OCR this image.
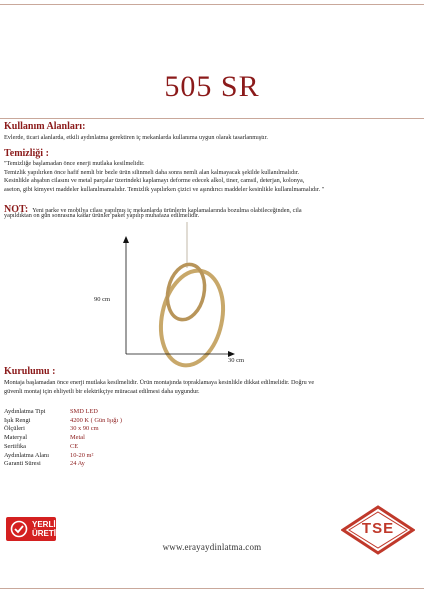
505 SR
Kullanım Alanları:
Evlerde, ticari alanlarda, etkili aydınlatma gerektiren iç mekanlarda kullanıma uygun olarak tasarlanmıştır.
Temizliği :
"Temizliğe başlamadan önce enerji mutlaka kesilmelidir.
Temizlik yapılırken önce hafif nemli bir bezle ürün silinmeli daha sonra nemli alan kalmayacak şekilde kullanılmalıdır.
Kesinlikle ahşabın cilasını ve metal parçalar üzerindeki kaplamayı deforme edecek alkol, tiner, camsil, deterjan, kolonya,
aseton, gibi kimyevi maddeler kullanılmamalıdır. Temizlik yapılırken çizici ve aşındırıcı maddeler kesinlikle kullanılmamalıdır. "
NOT: Yeni parke ve mobilya cilası yapılmış iç mekanlarda ürünlerin kaplamalarında bozulma olabileceğinden, cila
yapıldıktan on gün sonrasına kadar ürünler paket yapılıp muhafaza edilmelidir.
90 cm
30 cm
Kurulumu :
Montaja başlamadan önce enerji mutlaka kesilmelidir. Ürün montajında topraklamaya kesinlikle dikkat edilmelidir. Doğru ve
güvenli montaj için ehliyetli bir elektrikçiye müracaat edilmesi daha uygundur.
Aydınlatma Tipi	SMD LED
Işık Rengi	4200 K ( Gün Işığı )
Ölçüleri	30 x 90 cm
Materyal	Metal
Sertifika	CE
Aydınlatma Alanı	10-20 m²
Garanti Süresi	24 Ay
YERLİ
ÜRETİM
www.erayaydinlatma.com
TSE
